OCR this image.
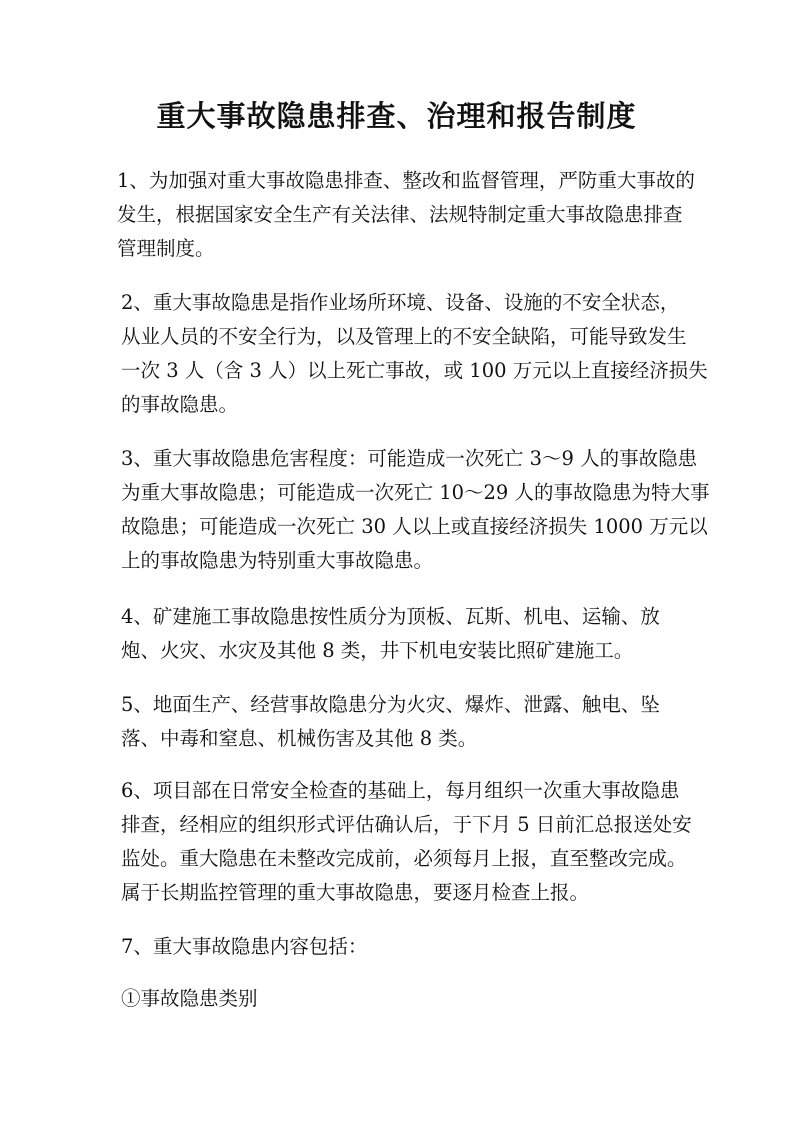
重大事故隐患排查、治理和报告制度

1、为加强对重大事故隐患排查、整改和监督管理，严防重大事故的
发生，根据国家安全生产有关法律、法规特制定重大事故隐患排查
管理制度。

2、重大事故隐患是指作业场所环境、设备、设施的不安全状态，
从业人员的不安全行为，以及管理上的不安全缺陷，可能导致发生
一次 3 人（含 3 人）以上死亡事故，或 100 万元以上直接经济损失
的事故隐患。

3、重大事故隐患危害程度：可能造成一次死亡 3～9 人的事故隐患
为重大事故隐患；可能造成一次死亡 10～29 人的事故隐患为特大事
故隐患；可能造成一次死亡 30 人以上或直接经济损失 1000 万元以
上的事故隐患为特别重大事故隐患。

4、矿建施工事故隐患按性质分为顶板、瓦斯、机电、运输、放
炮、火灾、水灾及其他 8 类，井下机电安装比照矿建施工。

5、地面生产、经营事故隐患分为火灾、爆炸、泄露、触电、坠
落、中毒和窒息、机械伤害及其他 8 类。

6、项目部在日常安全检查的基础上，每月组织一次重大事故隐患
排查，经相应的组织形式评估确认后，于下月 5 日前汇总报送处安
监处。重大隐患在未整改完成前，必须每月上报，直至整改完成。
属于长期监控管理的重大事故隐患，要逐月检查上报。

7、重大事故隐患内容包括：

①事故隐患类别
